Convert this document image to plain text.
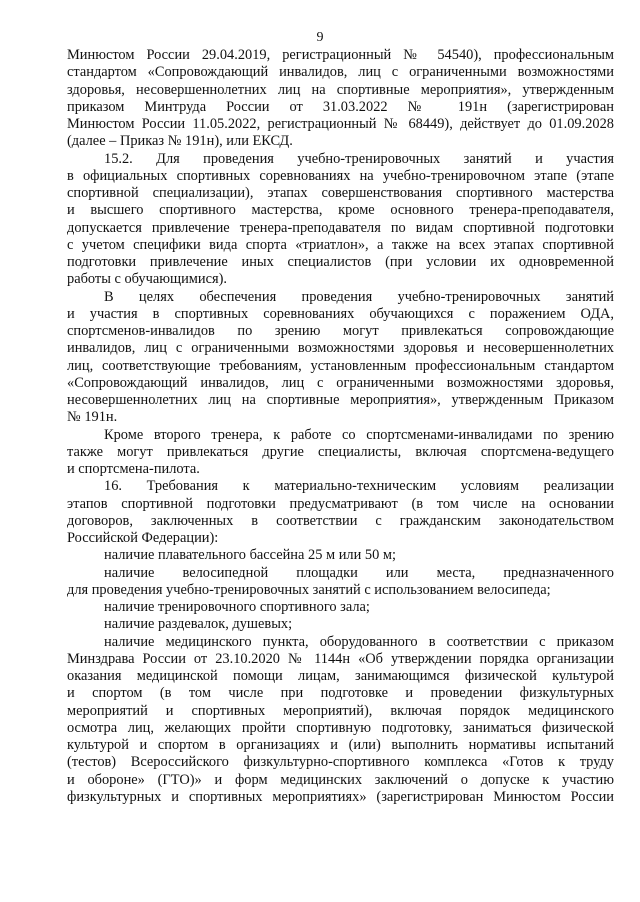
9
Минюстом России 29.04.2019, регистрационный № 54540), профессиональным
стандартом «Сопровождающий инвалидов, лиц с ограниченными возможностями
здоровья, несовершеннолетних лиц на спортивные мероприятия», утвержденным
приказом Минтруда России от 31.03.2022 № 191н (зарегистрирован
Минюстом России 11.05.2022, регистрационный № 68449), действует до 01.09.2028
(далее – Приказ № 191н), или ЕКСД.
15.2. Для проведения учебно-тренировочных занятий и участия
в официальных спортивных соревнованиях на учебно-тренировочном этапе (этапе
спортивной специализации), этапах совершенствования спортивного мастерства
и высшего спортивного мастерства, кроме основного тренера-преподавателя,
допускается привлечение тренера-преподавателя по видам спортивной подготовки
с учетом специфики вида спорта «триатлон», а также на всех этапах спортивной
подготовки привлечение иных специалистов (при условии их одновременной
работы с обучающимися).
В целях обеспечения проведения учебно-тренировочных занятий
и участия в спортивных соревнованиях обучающихся с поражением ОДА,
спортсменов-инвалидов по зрению могут привлекаться сопровождающие
инвалидов, лиц с ограниченными возможностями здоровья и несовершеннолетних
лиц, соответствующие требованиям, установленным профессиональным стандартом
«Сопровождающий инвалидов, лиц с ограниченными возможностями здоровья,
несовершеннолетних лиц на спортивные мероприятия», утвержденным Приказом
№ 191н.
Кроме второго тренера, к работе со спортсменами-инвалидами по зрению
также могут привлекаться другие специалисты, включая спортсмена-ведущего
и спортсмена-пилота.
16. Требования к материально-техническим условиям реализации
этапов спортивной подготовки предусматривают (в том числе на основании
договоров, заключенных в соответствии с гражданским законодательством
Российской Федерации):
наличие плавательного бассейна 25 м или 50 м;
наличие велосипедной площадки или места, предназначенного
для проведения учебно-тренировочных занятий с использованием велосипеда;
наличие тренировочного спортивного зала;
наличие раздевалок, душевых;
наличие медицинского пункта, оборудованного в соответствии с приказом
Минздрава России от 23.10.2020 № 1144н «Об утверждении порядка организации
оказания медицинской помощи лицам, занимающимся физической культурой
и спортом (в том числе при подготовке и проведении физкультурных
мероприятий и спортивных мероприятий), включая порядок медицинского
осмотра лиц, желающих пройти спортивную подготовку, заниматься физической
культурой и спортом в организациях и (или) выполнить нормативы испытаний
(тестов) Всероссийского физкультурно-спортивного комплекса «Готов к труду
и обороне» (ГТО)» и форм медицинских заключений о допуске к участию
физкультурных и спортивных мероприятиях» (зарегистрирован Минюстом России
